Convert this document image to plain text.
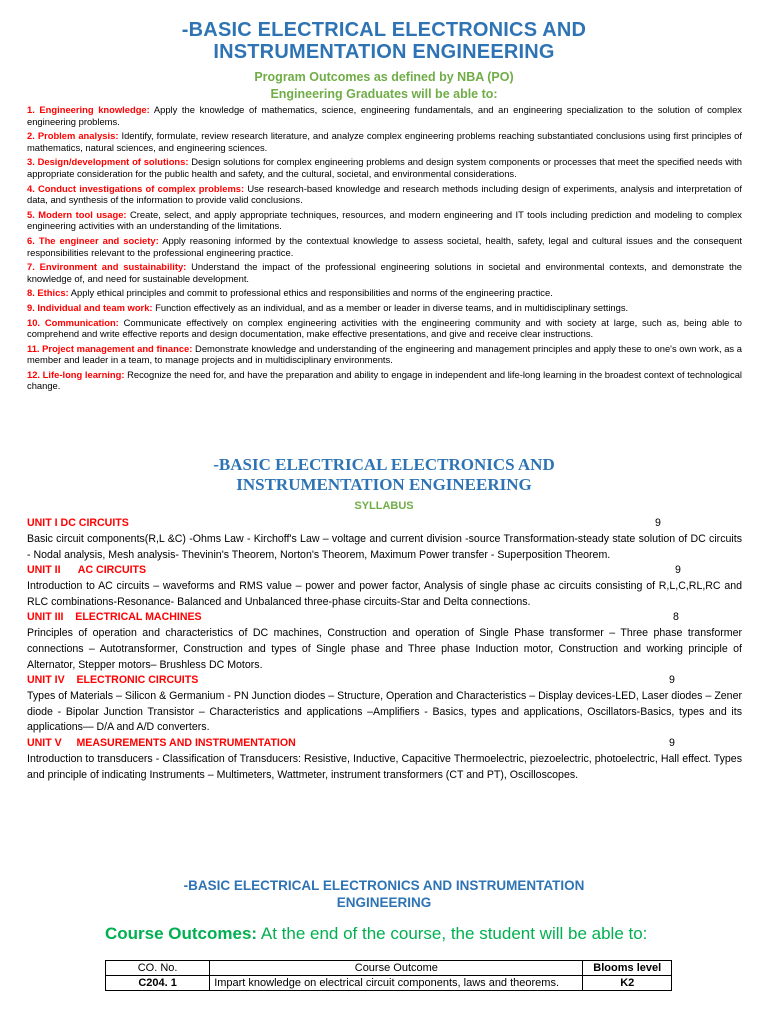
-BASIC ELECTRICAL ELECTRONICS AND
INSTRUMENTATION ENGINEERING
Program Outcomes as defined by NBA (PO)
Engineering Graduates will be able to:
1. Engineering knowledge: Apply the knowledge of mathematics, science, engineering fundamentals, and an engineering specialization to the solution of complex engineering problems.
2. Problem analysis: Identify, formulate, review research literature, and analyze complex engineering problems reaching substantiated conclusions using first principles of mathematics, natural sciences, and engineering sciences.
3. Design/development of solutions: Design solutions for complex engineering problems and design system components or processes that meet the specified needs with appropriate consideration for the public health and safety, and the cultural, societal, and environmental considerations.
4. Conduct investigations of complex problems: Use research-based knowledge and research methods including design of experiments, analysis and interpretation of data, and synthesis of the information to provide valid conclusions.
5. Modern tool usage: Create, select, and apply appropriate techniques, resources, and modern engineering and IT tools including prediction and modeling to complex engineering activities with an understanding of the limitations.
6. The engineer and society: Apply reasoning informed by the contextual knowledge to assess societal, health, safety, legal and cultural issues and the consequent responsibilities relevant to the professional engineering practice.
7. Environment and sustainability: Understand the impact of the professional engineering solutions in societal and environmental contexts, and demonstrate the knowledge of, and need for sustainable development.
8. Ethics: Apply ethical principles and commit to professional ethics and responsibilities and norms of the engineering practice.
9. Individual and team work: Function effectively as an individual, and as a member or leader in diverse teams, and in multidisciplinary settings.
10. Communication: Communicate effectively on complex engineering activities with the engineering community and with society at large, such as, being able to comprehend and write effective reports and design documentation, make effective presentations, and give and receive clear instructions.
11. Project management and finance: Demonstrate knowledge and understanding of the engineering and management principles and apply these to one's own work, as a member and leader in a team, to manage projects and in multidisciplinary environments.
12. Life-long learning: Recognize the need for, and have the preparation and ability to engage in independent and life-long learning in the broadest context of technological change.
-BASIC ELECTRICAL ELECTRONICS AND
INSTRUMENTATION ENGINEERING
SYLLABUS
UNIT I DC CIRCUITS	9
Basic circuit components(R,L &C) -Ohms Law - Kirchoff's Law – voltage and current division -source Transformation-steady state solution of DC circuits - Nodal analysis, Mesh analysis- Thevinin's Theorem, Norton's Theorem, Maximum Power transfer - Superposition Theorem.
UNIT II      AC CIRCUITS	9
Introduction to AC circuits – waveforms and RMS value – power and power factor, Analysis of single phase ac circuits consisting of R,L,C,RL,RC and RLC combinations-Resonance- Balanced and Unbalanced three-phase circuits-Star and Delta connections.
UNIT III    ELECTRICAL MACHINES	8
Principles of operation and characteristics of DC machines, Construction and operation of Single Phase transformer – Three phase transformer connections – Autotransformer, Construction and types of Single phase and Three phase Induction motor, Construction and working principle of Alternator, Stepper motors– Brushless DC Motors.
UNIT IV    ELECTRONIC CIRCUITS	9
Types of Materials – Silicon & Germanium - PN Junction diodes – Structure, Operation and Characteristics – Display devices-LED, Laser diodes – Zener diode - Bipolar Junction Transistor – Characteristics and applications –Amplifiers - Basics, types and applications, Oscillators-Basics, types and its applications— D/A and A/D converters.
UNIT V     MEASUREMENTS AND INSTRUMENTATION	9
Introduction to transducers - Classification of Transducers: Resistive, Inductive, Capacitive Thermoelectric, piezoelectric, photoelectric, Hall effect. Types and principle of indicating Instruments – Multimeters, Wattmeter, instrument transformers (CT and PT), Oscilloscopes.
-BASIC ELECTRICAL ELECTRONICS AND INSTRUMENTATION
ENGINEERING
Course Outcomes: At the end of the course, the student will be able to:
CO. No.	Course Outcome	Blooms level
C204. 1	Impart knowledge on electrical circuit components, laws and theorems.	K2
